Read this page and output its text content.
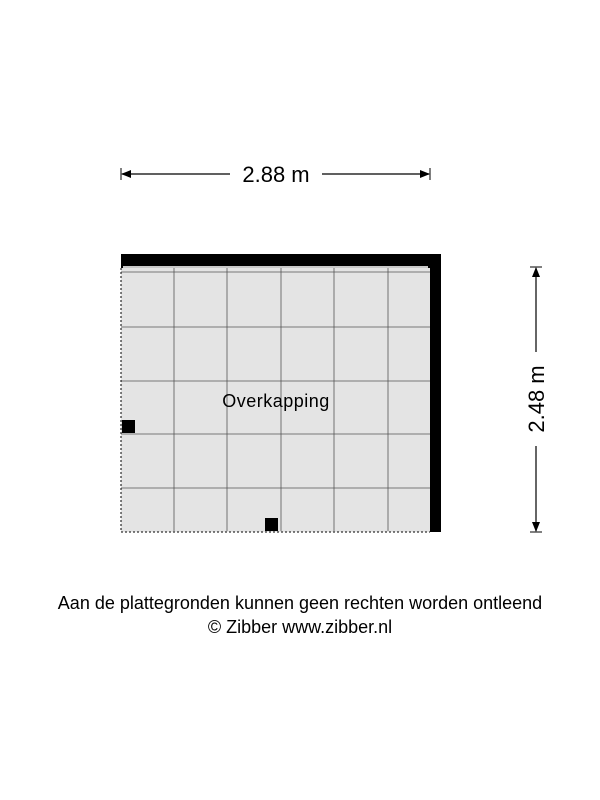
2.88 m
2.48 m
Overkapping
Aan de plattegronden kunnen geen rechten worden ontleend
© Zibber www.zibber.nl
